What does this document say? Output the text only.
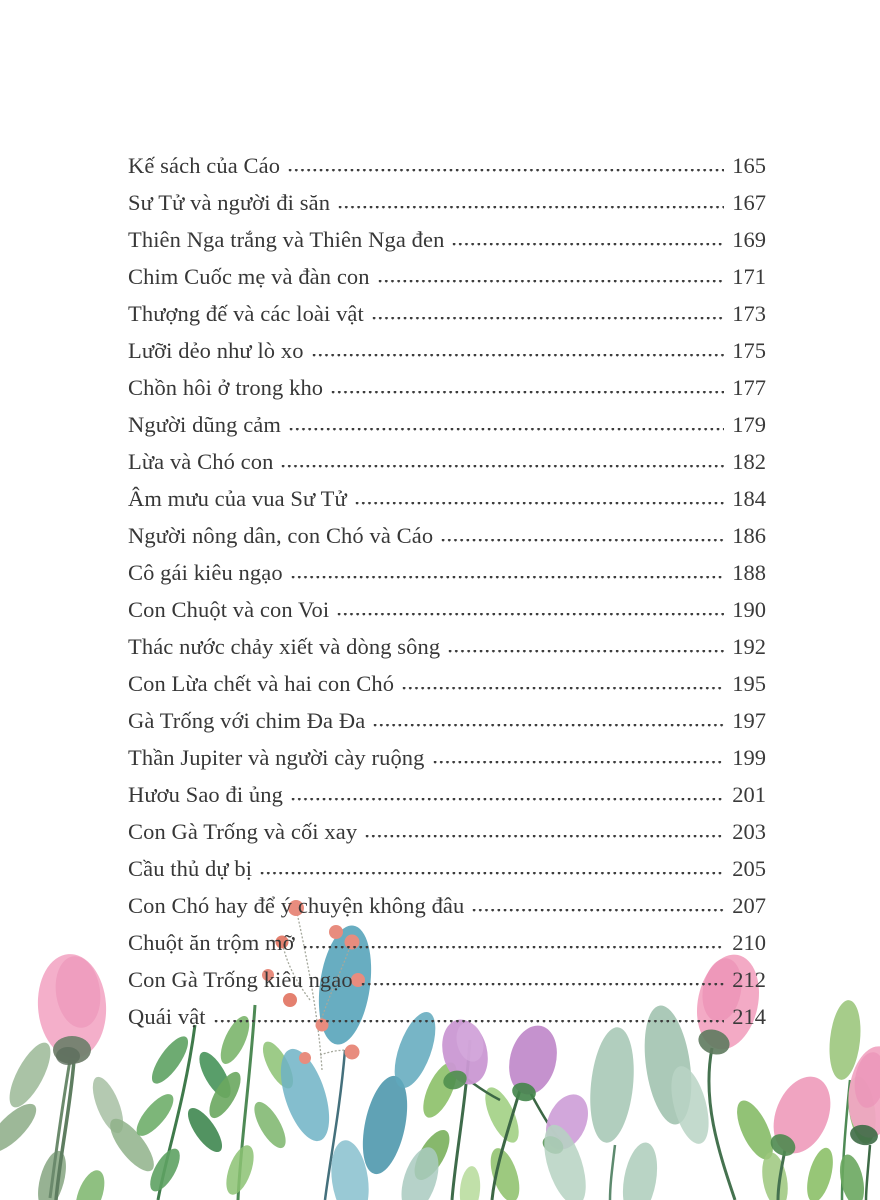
Kế sách của Cáo	165
Sư Tử và người đi săn	167
Thiên Nga trắng và Thiên Nga đen	169
Chim Cuốc mẹ và đàn con	171
Thượng đế và các loài vật	173
Lưỡi dẻo như lò xo	175
Chồn hôi ở trong kho	177
Người dũng cảm	179
Lừa và Chó con	182
Âm mưu của vua Sư Tử	184
Người nông dân, con Chó và Cáo	186
Cô gái kiêu ngạo	188
Con Chuột và con Voi	190
Thác nước chảy xiết và dòng sông	192
Con Lừa chết và hai con Chó	195
Gà Trống với chim Đa Đa	197
Thần Jupiter và người cày ruộng	199
Hươu Sao đi ủng	201
Con Gà Trống và cối xay	203
Cầu thủ dự bị	205
Con Chó hay để ý chuyện không đâu	207
Chuột ăn trộm mỡ	210
Con Gà Trống kiêu ngạo	212
Quái vật	214
